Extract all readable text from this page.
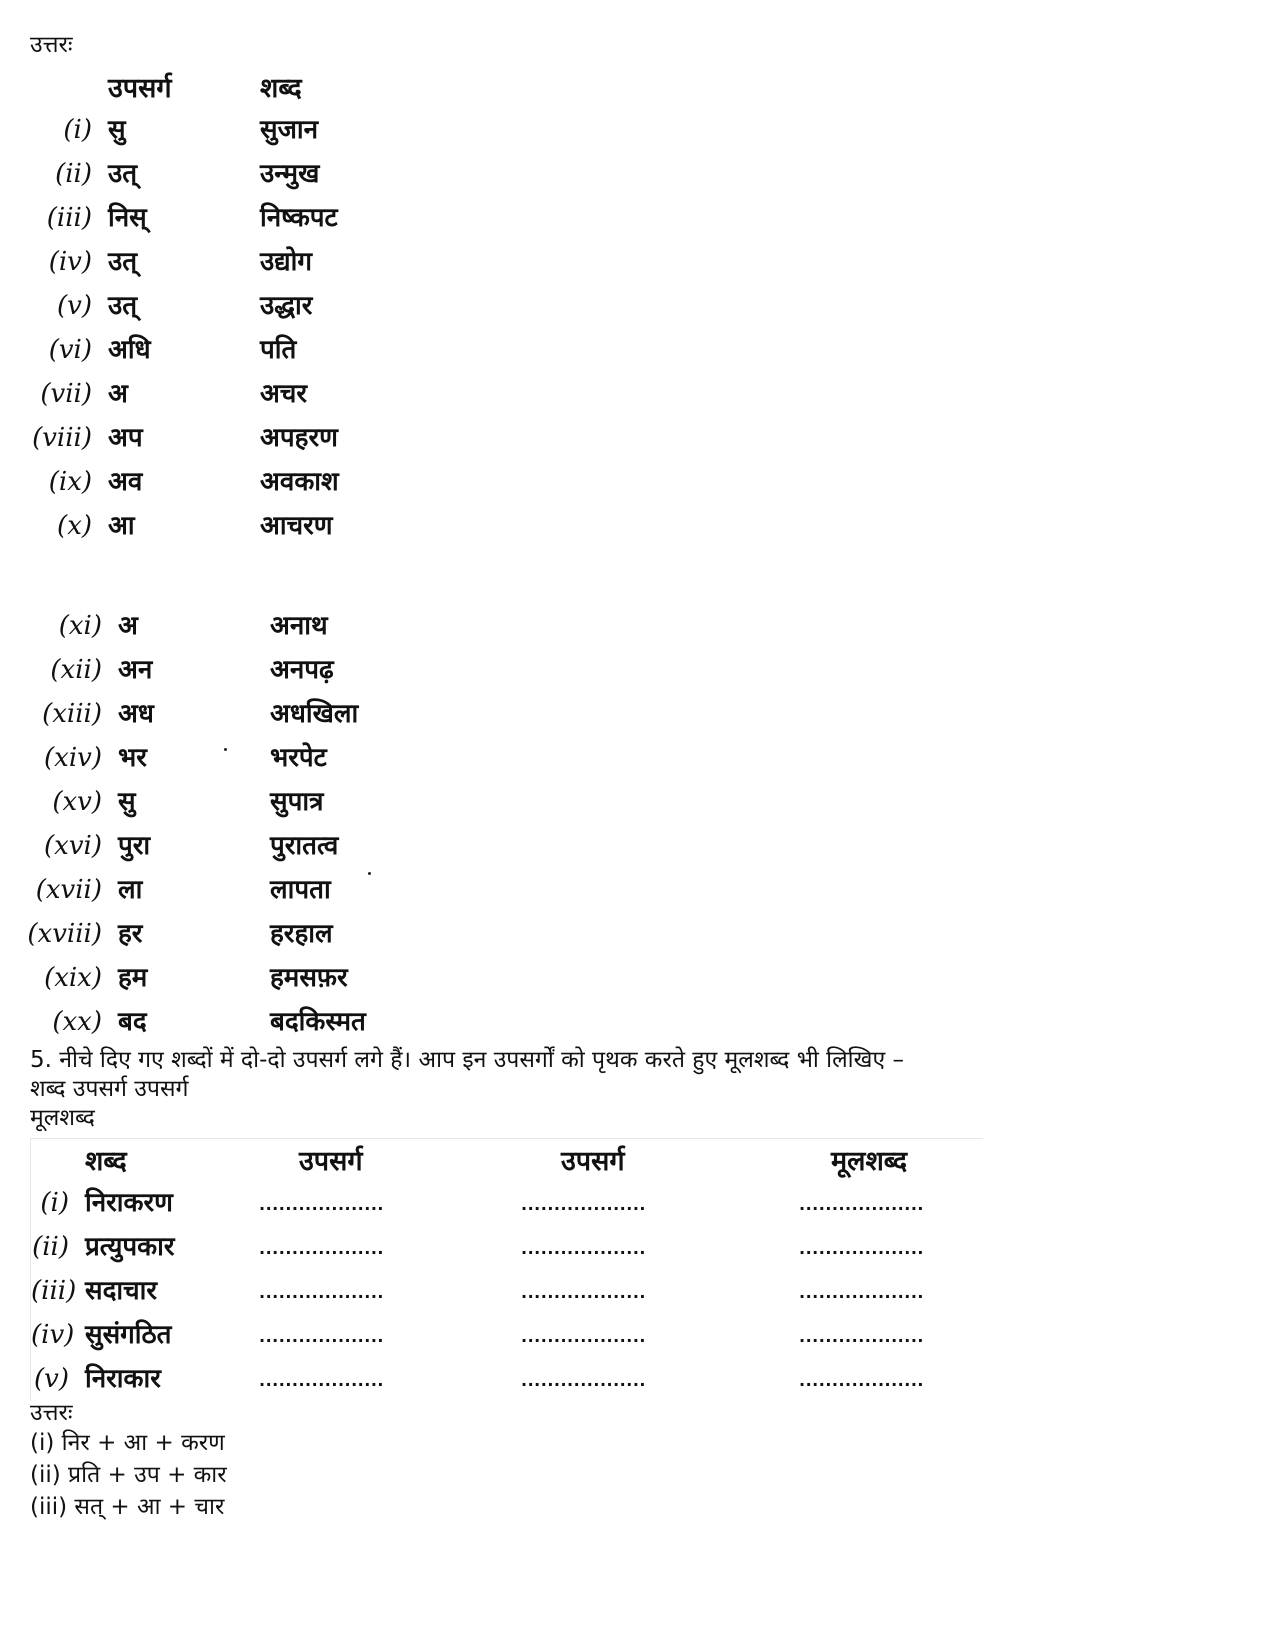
उत्तरः
उपसर्ग	शब्द
(i) सु	सुजान
(ii) उत्	उन्मुख
(iii) निस्	निष्कपट
(iv) उत्	उद्योग
(v) उत्	उद्धार
(vi) अधि	पति
(vii) अ	अचर
(viii) अप	अपहरण
(ix) अव	अवकाश
(x) आ	आचरण
(xi) अ	अनाथ
(xii) अन	अनपढ़
(xiii) अध	अधखिला
(xiv) भर	भरपेट
(xv) सु	सुपात्र
(xvi) पुरा	पुरातत्व
(xvii) ला	लापता
(xviii) हर	हरहाल
(xix) हम	हमसफ़र
(xx) बद	बदकिस्मत
5. नीचे दिए गए शब्दों में दो-दो उपसर्ग लगे हैं। आप इन उपसर्गों को पृथक करते हुए मूलशब्द भी लिखिए –
शब्द उपसर्ग उपसर्ग
मूलशब्द
शब्द	उपसर्ग	उपसर्ग	मूलशब्द
(i) निराकरण	...................	...................	...................
(ii) प्रत्युपकार	...................	...................	...................
(iii) सदाचार	...................	...................	...................
(iv) सुसंगठित	...................	...................	...................
(v) निराकार	...................	...................	...................
उत्तरः
(i) निर + आ + करण
(ii) प्रति + उप + कार
(iii) सत् + आ + चार
